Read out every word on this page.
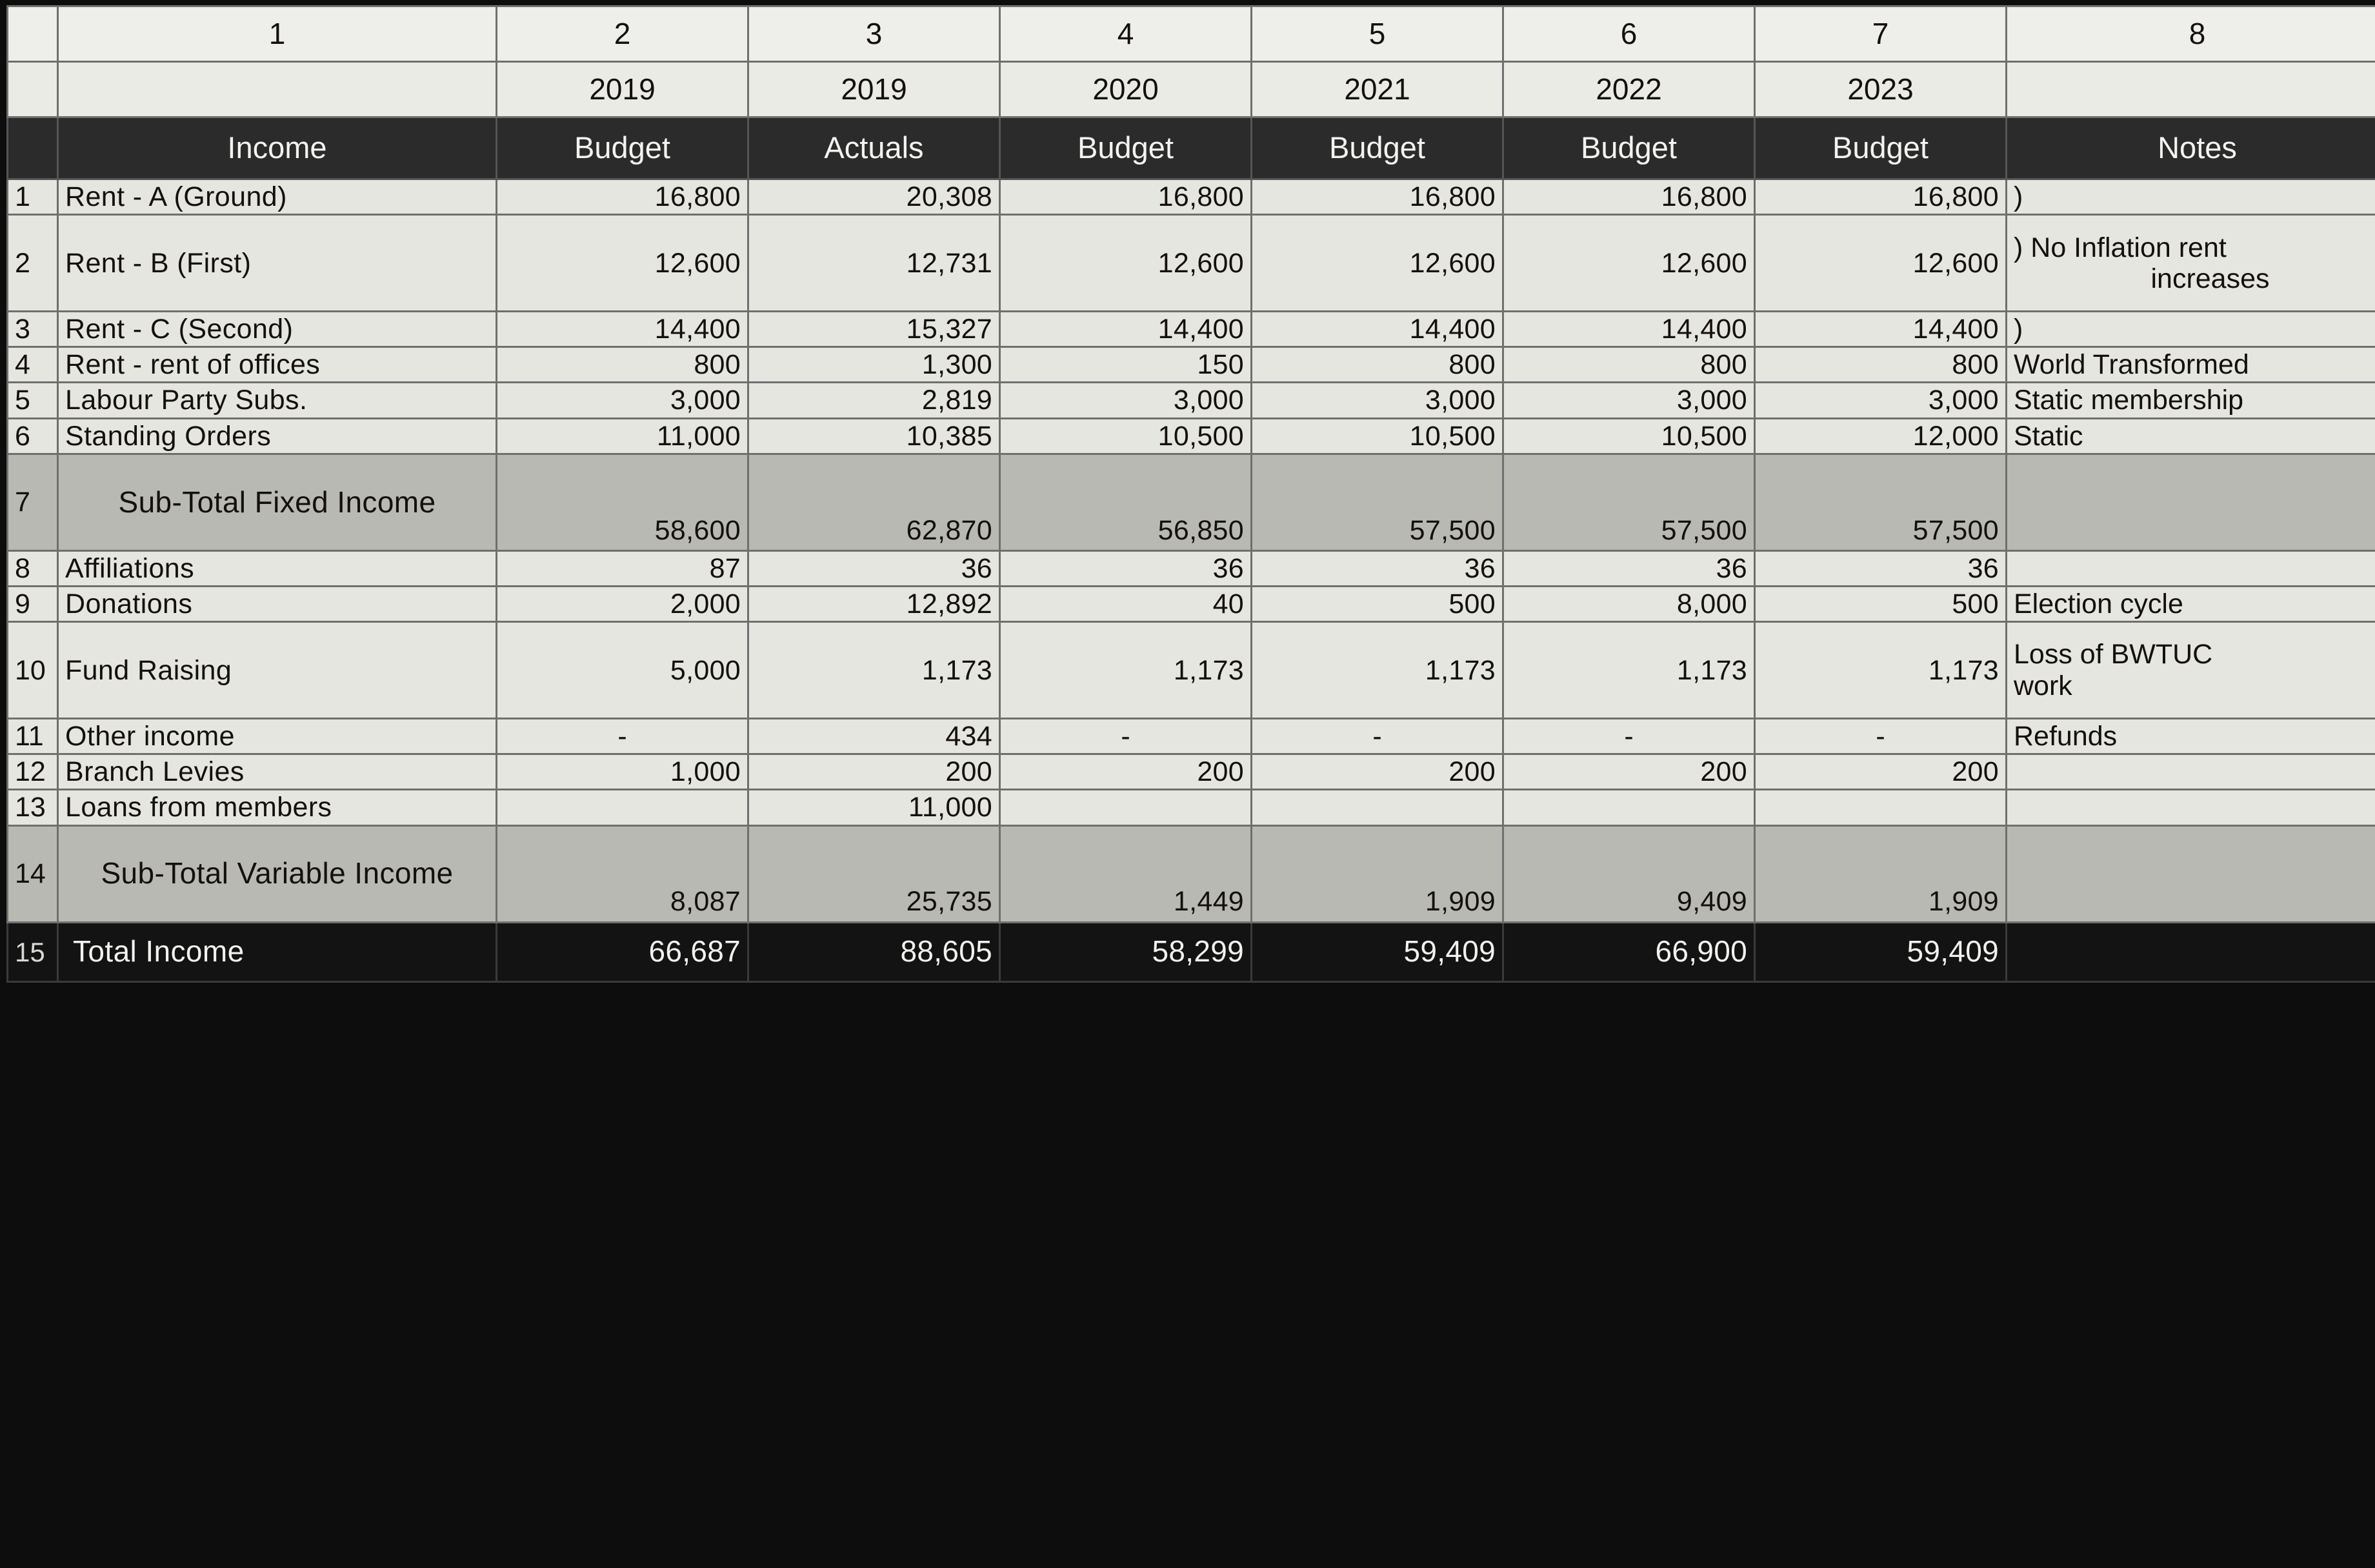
	1	2	3	4	5	6	7	8
		2019	2019	2020	2021	2022	2023	
	Income	Budget	Actuals	Budget	Budget	Budget	Budget	Notes
1	Rent - A (Ground)	16,800	20,308	16,800	16,800	16,800	16,800	)
2	Rent - B (First)	12,600	12,731	12,600	12,600	12,600	12,600	) No Inflation rent
increases

3	Rent - C (Second)	14,400	15,327	14,400	14,400	14,400	14,400	)
4	Rent - rent of offices	800	1,300	150	800	800	800	World Transformed
5	Labour Party Subs.	3,000	2,819	3,000	3,000	3,000	3,000	Static membership
6	Standing Orders	11,000	10,385	10,500	10,500	10,500	12,000	Static
7	Sub-Total Fixed Income	58,600	62,870	56,850	57,500	57,500	57,500	
8	Affiliations	87	36	36	36	36	36	
9	Donations	2,000	12,892	40	500	8,000	500	Election cycle
10	Fund Raising	5,000	1,173	1,173	1,173	1,173	1,173	Loss of BWTUC
work
11	Other income	-	434	-	-	-	-	Refunds
12	Branch Levies	1,000	200	200	200	200	200	
13	Loans from members		11,000					
14	Sub-Total Variable Income	8,087	25,735	1,449	1,909	9,409	1,909	
15	Total Income	66,687	88,605	58,299	59,409	66,900	59,409	
